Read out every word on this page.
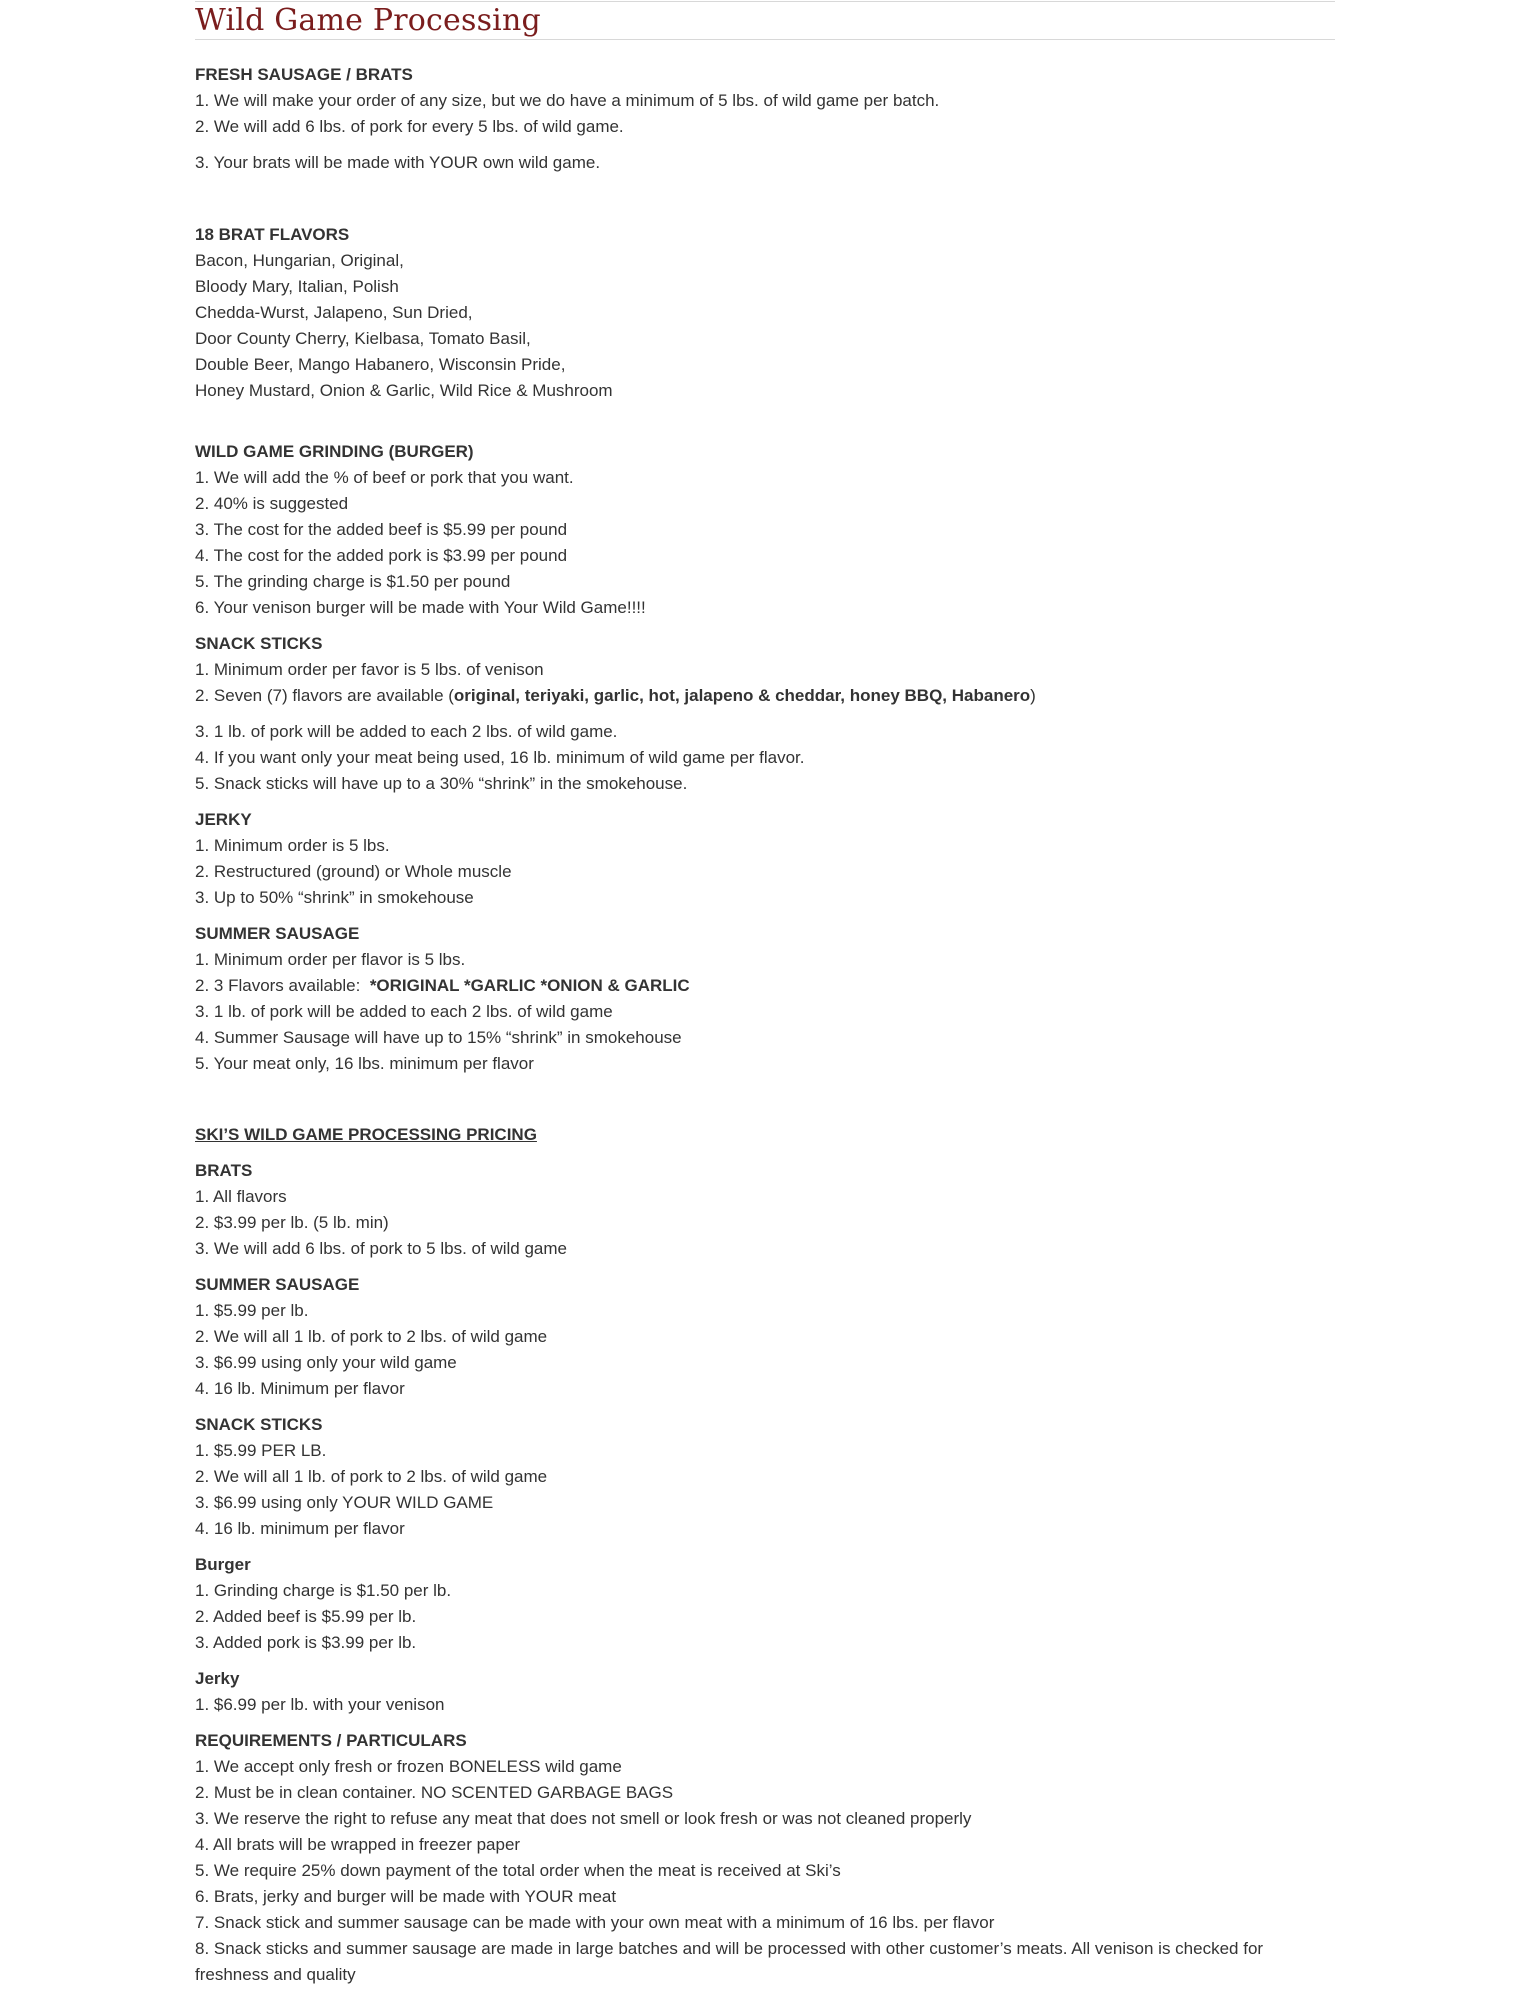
Wild Game Processing

FRESH SAUSAGE / BRATS

1. We will make your order of any size, but we do have a minimum of 5 lbs. of wild game per batch.

2. We will add 6 lbs. of pork for every 5 lbs. of wild game.

3. Your brats will be made with YOUR own wild game.

18 BRAT FLAVORS

Bacon, Hungarian, Original,

Bloody Mary, Italian, Polish

Chedda-Wurst, Jalapeno, Sun Dried,

Door County Cherry, Kielbasa, Tomato Basil,

Double Beer, Mango Habanero, Wisconsin Pride,

Honey Mustard, Onion & Garlic, Wild Rice & Mushroom

WILD GAME GRINDING (BURGER)

1. We will add the % of beef or pork that you want.

2. 40% is suggested

3. The cost for the added beef is $5.99 per pound

4. The cost for the added pork is $3.99 per pound

5. The grinding charge is $1.50 per pound

6. Your venison burger will be made with Your Wild Game!!!!

SNACK STICKS

1. Minimum order per favor is 5 lbs. of venison

2. Seven (7) flavors are available (original, teriyaki, garlic, hot, jalapeno & cheddar, honey BBQ, Habanero)

3. 1 lb. of pork will be added to each 2 lbs. of wild game.

4. If you want only your meat being used, 16 lb. minimum of wild game per flavor.

5. Snack sticks will have up to a 30% “shrink” in the smokehouse.

JERKY

1. Minimum order is 5 lbs.

2. Restructured (ground) or Whole muscle

3. Up to 50% “shrink” in smokehouse

SUMMER SAUSAGE

1. Minimum order per flavor is 5 lbs.

2. 3 Flavors available:  *ORIGINAL *GARLIC *ONION & GARLIC

3. 1 lb. of pork will be added to each 2 lbs. of wild game

4. Summer Sausage will have up to 15% “shrink” in smokehouse

5. Your meat only, 16 lbs. minimum per flavor

SKI’S WILD GAME PROCESSING PRICING

BRATS

1. All flavors

2. $3.99 per lb. (5 lb. min)

3. We will add 6 lbs. of pork to 5 lbs. of wild game

SUMMER SAUSAGE

1. $5.99 per lb.

2. We will all 1 lb. of pork to 2 lbs. of wild game

3. $6.99 using only your wild game

4. 16 lb. Minimum per flavor

SNACK STICKS

1. $5.99 PER LB.

2. We will all 1 lb. of pork to 2 lbs. of wild game

3. $6.99 using only YOUR WILD GAME

4. 16 lb. minimum per flavor

Burger

1. Grinding charge is $1.50 per lb.

2. Added beef is $5.99 per lb.

3. Added pork is $3.99 per lb.

Jerky

1. $6.99 per lb. with your venison

REQUIREMENTS / PARTICULARS

1. We accept only fresh or frozen BONELESS wild game

2. Must be in clean container. NO SCENTED GARBAGE BAGS

3. We reserve the right to refuse any meat that does not smell or look fresh or was not cleaned properly

4. All brats will be wrapped in freezer paper

5. We require 25% down payment of the total order when the meat is received at Ski’s

6. Brats, jerky and burger will be made with YOUR meat

7. Snack stick and summer sausage can be made with your own meat with a minimum of 16 lbs. per flavor

8. Snack sticks and summer sausage are made in large batches and will be processed with other customer’s meats. All venison is checked for freshness and quality
